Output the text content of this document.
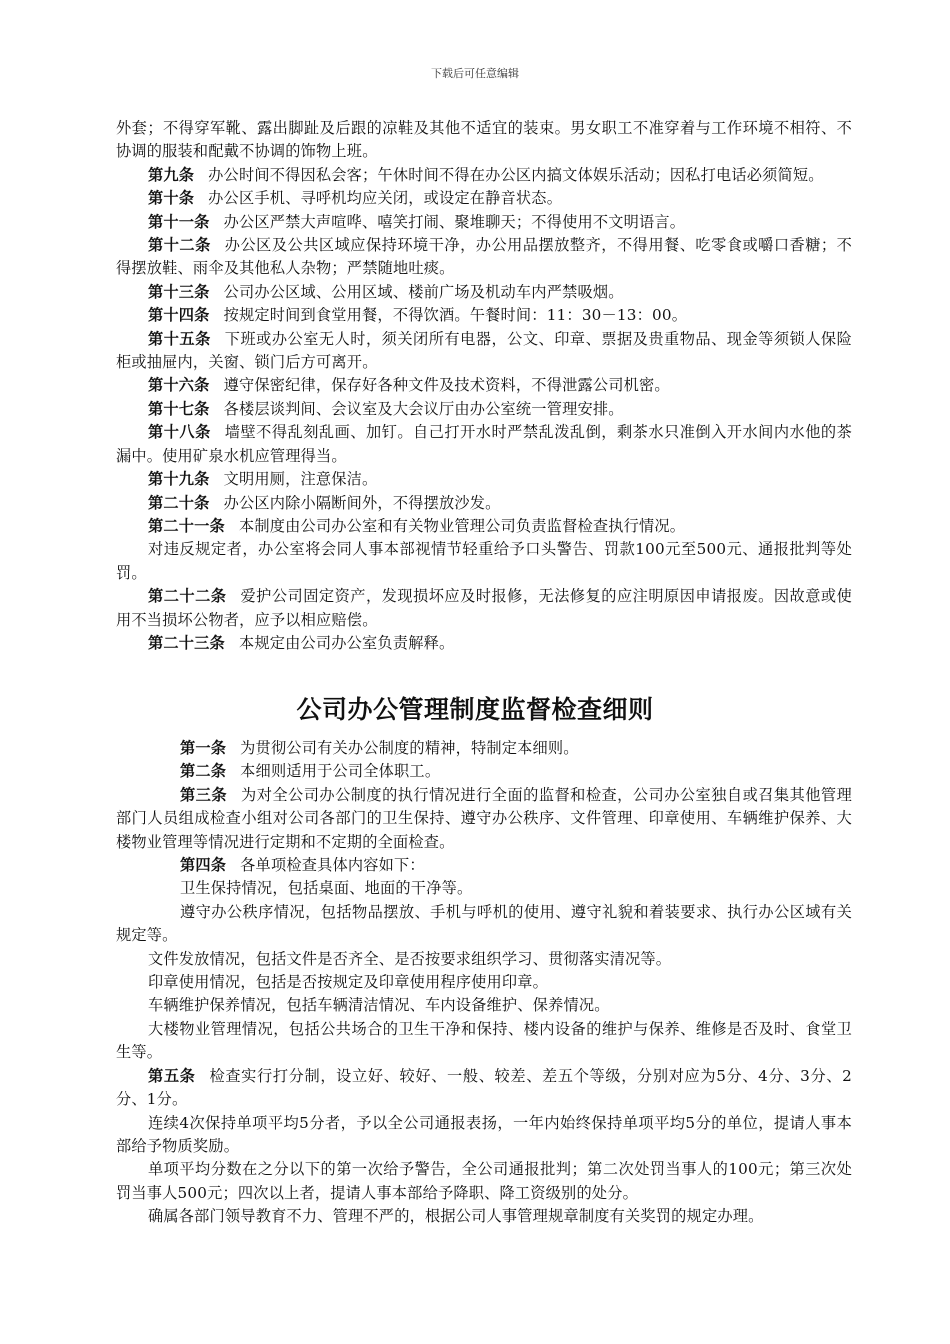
下载后可任意编辑

外套；不得穿军靴、露出脚趾及后跟的凉鞋及其他不适宜的装束。男女职工不准穿着与工作环境不相符、不协调的服装和配戴不协调的饰物上班。

第九条 办公时间不得因私会客；午休时间不得在办公区内搞文体娱乐活动；因私打电话必须简短。

第十条 办公区手机、寻呼机均应关闭，或设定在静音状态。

第十一条 办公区严禁大声喧哗、嘻笑打闹、聚堆聊天；不得使用不文明语言。

第十二条 办公区及公共区域应保持环境干净，办公用品摆放整齐，不得用餐、吃零食或嚼口香糖；不得摆放鞋、雨伞及其他私人杂物；严禁随地吐痰。

第十三条 公司办公区域、公用区域、楼前广场及机动车内严禁吸烟。

第十四条 按规定时间到食堂用餐，不得饮酒。午餐时间：11：30－13：00。

第十五条 下班或办公室无人时，须关闭所有电器，公文、印章、票据及贵重物品、现金等须锁人保险柜或抽屉内，关窗、锁门后方可离开。

第十六条 遵守保密纪律，保存好各种文件及技术资料，不得泄露公司机密。

第十七条 各楼层谈判间、会议室及大会议厅由办公室统一管理安排。

第十八条 墙壁不得乱刻乱画、加钉。自己打开水时严禁乱泼乱倒，剩茶水只准倒入开水间内水他的茶漏中。使用矿泉水机应管理得当。

第十九条 文明用厕，注意保洁。

第二十条 办公区内除小隔断间外，不得摆放沙发。

第二十一条 本制度由公司办公室和有关物业管理公司负责监督检查执行情况。

对违反规定者，办公室将会同人事本部视情节轻重给予口头警告、罚款100元至500元、通报批判等处罚。

第二十二条 爱护公司固定资产，发现损坏应及时报修，无法修复的应注明原因申请报废。因故意或使用不当损坏公物者，应予以相应赔偿。

第二十三条 本规定由公司办公室负责解释。

公司办公管理制度监督检查细则

第一条 为贯彻公司有关办公制度的精神，特制定本细则。

第二条 本细则适用于公司全体职工。

第三条 为对全公司办公制度的执行情况进行全面的监督和检查，公司办公室独自或召集其他管理部门人员组成检查小组对公司各部门的卫生保持、遵守办公秩序、文件管理、印章使用、车辆维护保养、大楼物业管理等情况进行定期和不定期的全面检查。

第四条 各单项检查具体内容如下：

卫生保持情况，包括桌面、地面的干净等。

遵守办公秩序情况，包括物品摆放、手机与呼机的使用、遵守礼貌和着装要求、执行办公区域有关规定等。

文件发放情况，包括文件是否齐全、是否按要求组织学习、贯彻落实清况等。

印章使用情况，包括是否按规定及印章使用程序使用印章。

车辆维护保养情况，包括车辆清洁情况、车内设备维护、保养情况。

大楼物业管理情况，包括公共场合的卫生干净和保持、楼内设备的维护与保养、维修是否及时、食堂卫生等。

第五条 检查实行打分制，设立好、较好、一般、较差、差五个等级，分别对应为5分、4分、3分、2分、1分。

连续4次保持单项平均5分者，予以全公司通报表扬，一年内始终保持单项平均5分的单位，提请人事本部给予物质奖励。

单项平均分数在之分以下的第一次给予警告，全公司通报批判；第二次处罚当事人的100元；第三次处罚当事人500元；四次以上者，提请人事本部给予降职、降工资级别的处分。

确属各部门领导教育不力、管理不严的，根据公司人事管理规章制度有关奖罚的规定办理。
